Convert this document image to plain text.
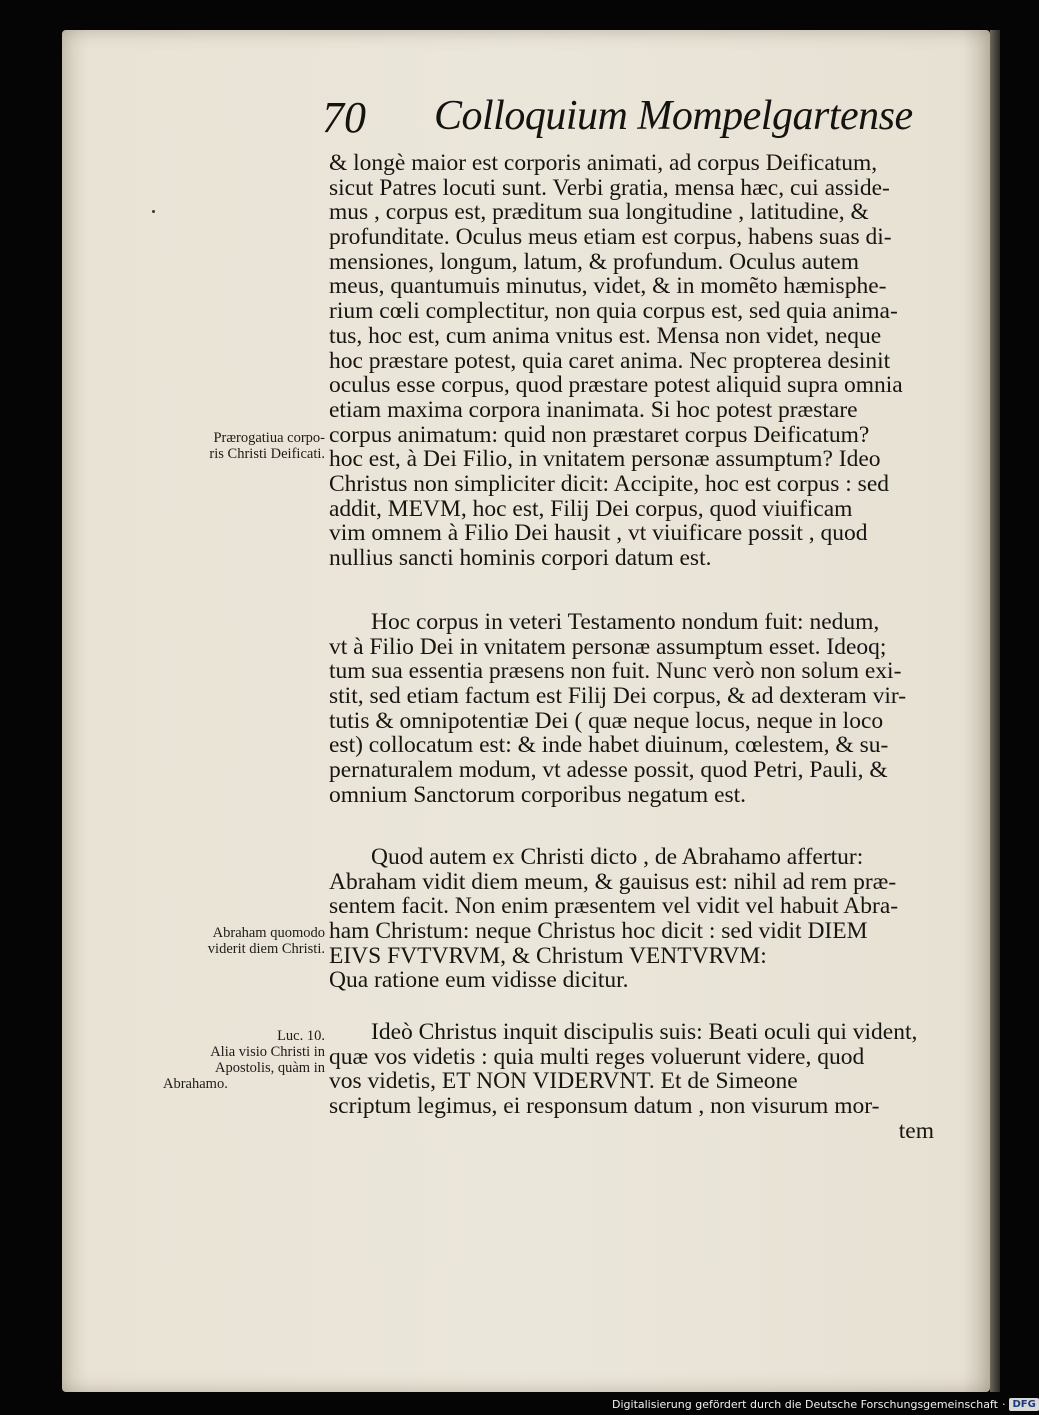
70 Colloquium Mompelgartense
& longè maior est corporis animati, ad corpus Deificatum,
sicut Patres locuti sunt. Verbi gratia, mensa hæc, cui asside-
mus , corpus est, præditum sua longitudine , latitudine, &
profunditate. Oculus meus etiam est corpus, habens suas di-
mensiones, longum, latum, & profundum. Oculus autem
meus, quantumuis minutus, videt, & in momẽto hæmisphe-
rium cœli complectitur, non quia corpus est, sed quia anima-
tus, hoc est, cum anima vnitus est. Mensa non videt, neque
hoc præstare potest, quia caret anima. Nec propterea desinit
oculus esse corpus, quod præstare potest aliquid supra omnia
etiam maxima corpora inanimata. Si hoc potest præstare
corpus animatum: quid non præstaret corpus Deificatum?
hoc est, à Dei Filio, in vnitatem personæ assumptum? Ideo
Christus non simpliciter dicit: Accipite, hoc est corpus : sed
addit, MEVM, hoc est, Filij Dei corpus, quod viuificam
vim omnem à Filio Dei hausit , vt viuificare possit , quod
nullius sancti hominis corpori datum est.
Hoc corpus in veteri Testamento nondum fuit: nedum,
vt à Filio Dei in vnitatem personæ assumptum esset. Ideoq;
tum sua essentia præsens non fuit. Nunc verò non solum exi-
stit, sed etiam factum est Filij Dei corpus, & ad dexteram vir-
tutis & omnipotentiæ Dei ( quæ neque locus, neque in loco
est) collocatum est: & inde habet diuinum, cœlestem, & su-
pernaturalem modum, vt adesse possit, quod Petri, Pauli, &
omnium Sanctorum corporibus negatum est.
Quod autem ex Christi dicto , de Abrahamo affertur:
Abraham vidit diem meum, & gauisus est: nihil ad rem præ-
sentem facit. Non enim præsentem vel vidit vel habuit Abra-
ham Christum: neque Christus hoc dicit : sed vidit DIEM
EIVS FVTVRVM, & Christum VENTVRVM:
Qua ratione eum vidisse dicitur.
Ideò Christus inquit discipulis suis: Beati oculi qui vident,
quæ vos videtis : quia multi reges voluerunt videre, quod
vos videtis, ET NON VIDERVNT. Et de Simeone
scriptum legimus, ei responsum datum , non visurum mor-
tem
Prærogatiua corpo-
ris Christi Deificati.
Abraham quomodo
viderit diem Christi.
Luc. 10.
Alia visio Christi in
Apostolis, quàm in
Abrahamo.
Digitalisierung gefördert durch die Deutsche Forschungsgemeinschaft · DFG
